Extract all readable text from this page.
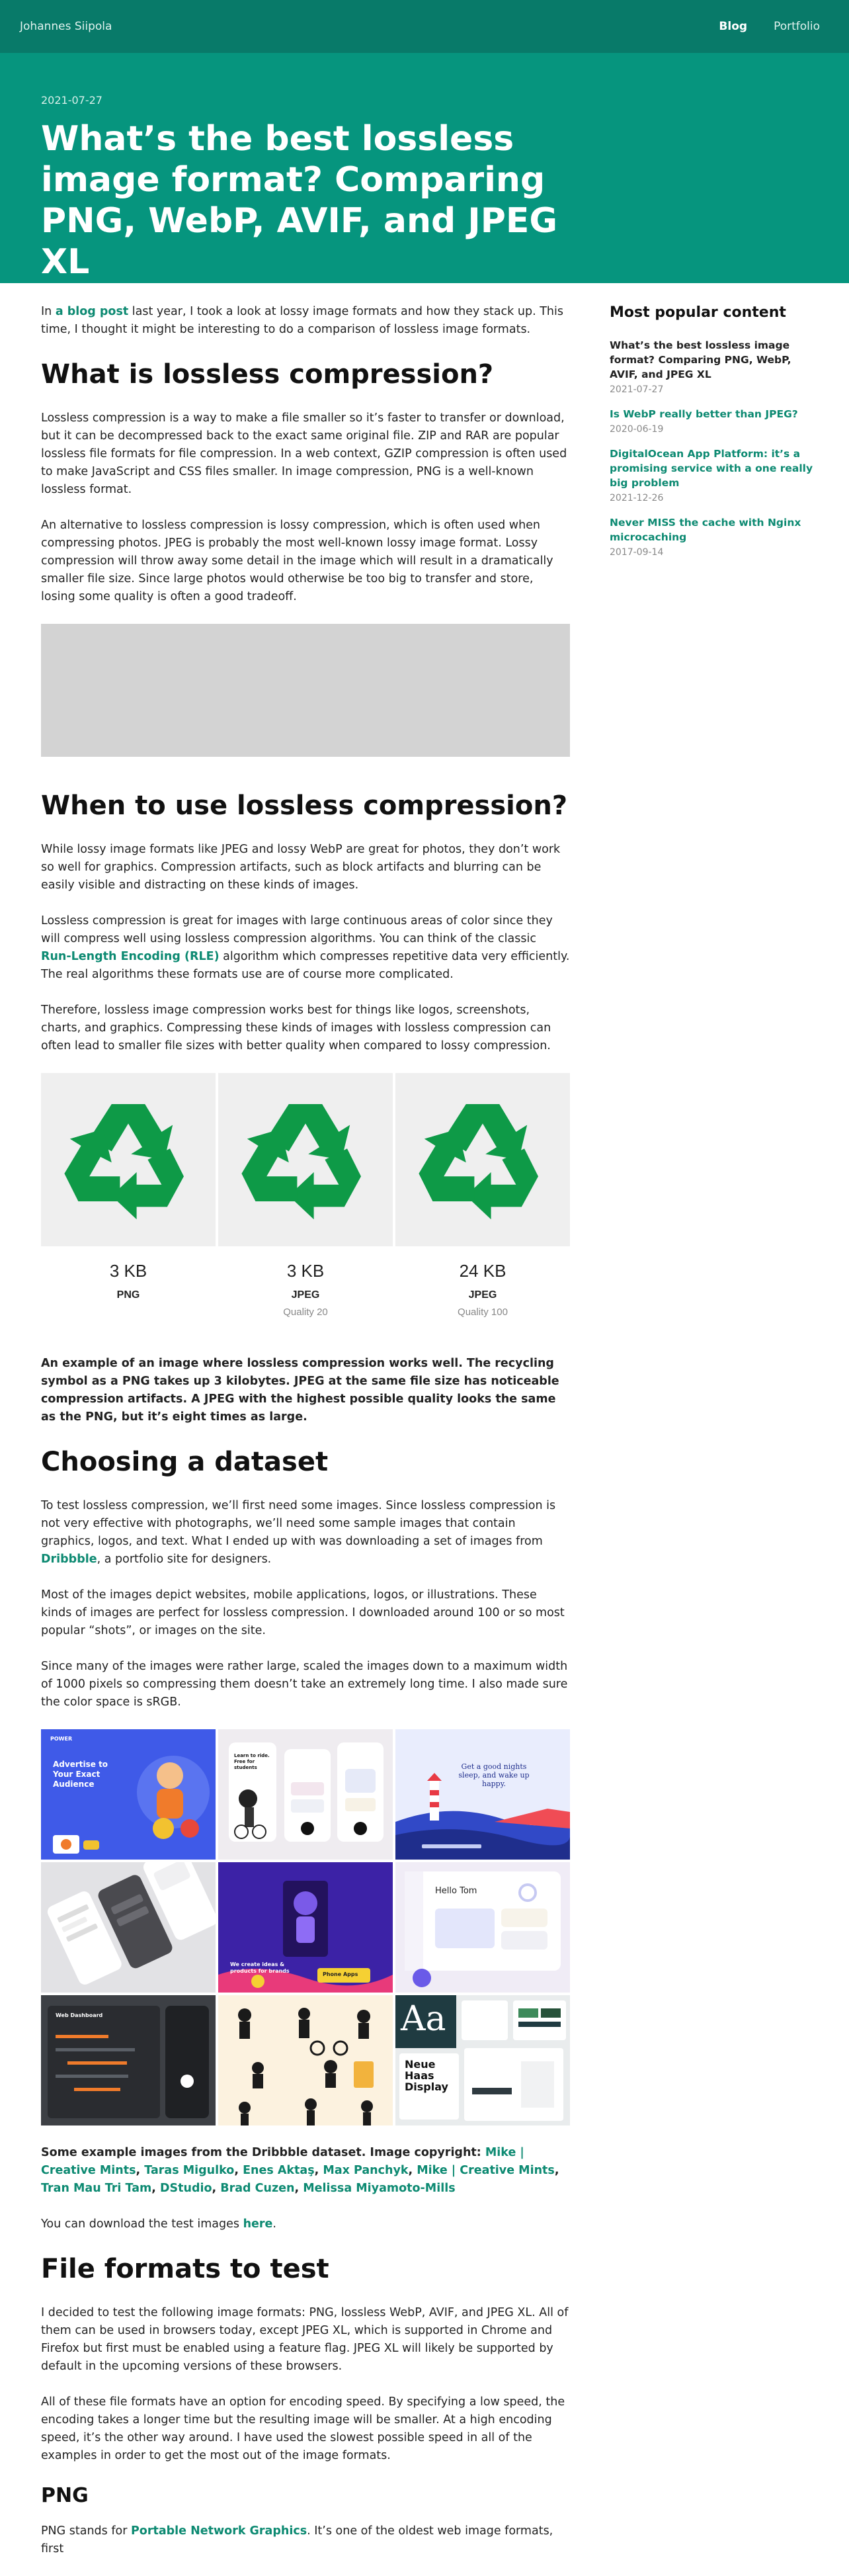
Johannes Siipola	Blog Portfolio
2021-07-27
What’s the best lossless image format? Comparing PNG, WebP, AVIF, and JPEG XL

In a blog post last year, I took a look at lossy image formats and how they stack up. This time, I thought it might be interesting to do a comparison of lossless image formats.

What is lossless compression?

Lossless compression is a way to make a file smaller so it’s faster to transfer or download, but it can be decompressed back to the exact same original file. ZIP and RAR are popular lossless file formats for file compression. In a web context, GZIP compression is often used to make JavaScript and CSS files smaller. In image compression, PNG is a well-known lossless format.

An alternative to lossless compression is lossy compression, which is often used when compressing photos. JPEG is probably the most well-known lossy image format. Lossy compression will throw away some detail in the image which will result in a dramatically smaller file size. Since large photos would otherwise be too big to transfer and store, losing some quality is often a good tradeoff.

When to use lossless compression?

While lossy image formats like JPEG and lossy WebP are great for photos, they don’t work so well for graphics. Compression artifacts, such as block artifacts and blurring can be easily visible and distracting on these kinds of images.

Lossless compression is great for images with large continuous areas of color since they will compress well using lossless compression algorithms. You can think of the classic Run-Length Encoding (RLE) algorithm which compresses repetitive data very efficiently. The real algorithms these formats use are of course more complicated.

Therefore, lossless image compression works best for things like logos, screenshots, charts, and graphics. Compressing these kinds of images with lossless compression can often lead to smaller file sizes with better quality when compared to lossy compression.

3 KB
PNG
3 KB
JPEG
Quality 20
24 KB
JPEG
Quality 100

An example of an image where lossless compression works well. The recycling symbol as a PNG takes up 3 kilobytes. JPEG at the same file size has noticeable compression artifacts. A JPEG with the highest possible quality looks the same as the PNG, but it’s eight times as large.

Choosing a dataset

To test lossless compression, we’ll first need some images. Since lossless compression is not very effective with photographs, we’ll need some sample images that contain graphics, logos, and text. What I ended up with was downloading a set of images from Dribbble, a portfolio site for designers.

Most of the images depict websites, mobile applications, logos, or illustrations. These kinds of images are perfect for lossless compression. I downloaded around 100 or so most popular “shots”, or images on the site.

Since many of the images were rather large, scaled the images down to a maximum width of 1000 pixels so compressing them doesn’t take an extremely long time. I also made sure the color space is sRGB.

POWER
Advertise to Your Exact Audience
Learn to ride. Free for students	Get a good nights sleep, and wake up happy.
We create ideas & products for brands
Phone Apps
Hello Tom
Web Dashboard	Aa
Neue Haas Display

Some example images from the Dribbble dataset. Image copyright: Mike | Creative Mints, Taras Migulko, Enes Aktaş, Max Panchyk, Mike | Creative Mints, Tran Mau Tri Tam, DStudio, Brad Cuzen, Melissa Miyamoto-Mills

You can download the test images here.

File formats to test

I decided to test the following image formats: PNG, lossless WebP, AVIF, and JPEG XL. All of them can be used in browsers today, except JPEG XL, which is supported in Chrome and Firefox but first must be enabled using a feature flag. JPEG XL will likely be supported by default in the upcoming versions of these browsers.

All of these file formats have an option for encoding speed. By specifying a low speed, the encoding takes a longer time but the resulting image will be smaller. At a high encoding speed, it’s the other way around. I have used the slowest possible speed in all of the examples in order to get the most out of the image formats.

PNG

PNG stands for Portable Network Graphics. It’s one of the oldest web image formats, first

Most popular content
What’s the best lossless image format? Comparing PNG, WebP, AVIF, and JPEG XL
2021-07-27
Is WebP really better than JPEG?
2020-06-19
DigitalOcean App Platform: it’s a promising service with a one really big problem
2021-12-26
Never MISS the cache with Nginx microcaching
2017-09-14
